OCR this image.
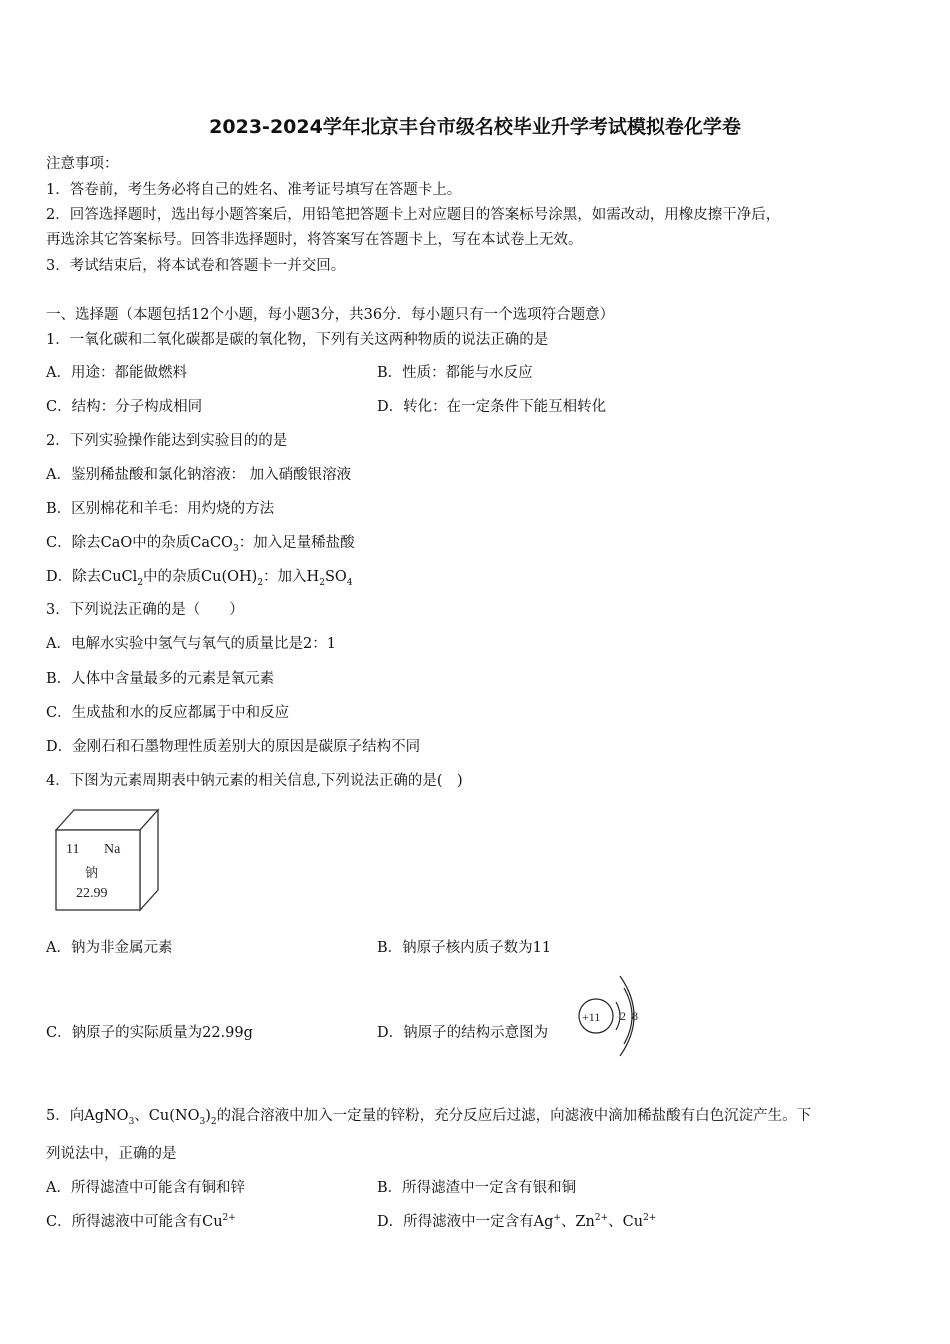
2023-2024学年北京丰台市级名校毕业升学考试模拟卷化学卷
注意事项：
1．答卷前，考生务必将自己的姓名、准考证号填写在答题卡上。
2．回答选择题时，选出每小题答案后，用铅笔把答题卡上对应题目的答案标号涂黑，如需改动，用橡皮擦干净后，
再选涂其它答案标号。回答非选择题时，将答案写在答题卡上，写在本试卷上无效。
3．考试结束后，将本试卷和答题卡一并交回。
一、选择题（本题包括12个小题，每小题3分，共36分．每小题只有一个选项符合题意）
1．一氧化碳和二氧化碳都是碳的氧化物，下列有关这两种物质的说法正确的是
A．用途：都能做燃料	B．性质：都能与水反应
C．结构：分子构成相同	D．转化：在一定条件下能互相转化
2．下列实验操作能达到实验目的的是
A．鉴别稀盐酸和氯化钠溶液： 加入硝酸银溶液
B．区别棉花和羊毛：用灼烧的方法
C．除去CaO中的杂质CaCO$_3$：加入足量稀盐酸
D．除去CuCl$_2$中的杂质$Cu(OH)_2$：加入$H_2SO_4$
3．下列说法正确的是（　　）
A．电解水实验中氢气与氧气的质量比是2：1
B．人体中含量最多的元素是氧元素
C．生成盐和水的反应都属于中和反应
D．金刚石和石墨物理性质差别大的原因是碳原子结构不同
4．下图为元素周期表中钠元素的相关信息,下列说法正确的是(　)
11 Na
钠
22.99
A．钠为非金属元素	B．钠原子核内质子数为11
C．钠原子的实际质量为22.99g	D．钠原子的结构示意图为
+11 2 8
5．向AgNO$_3$、$Cu(NO_3)_2$的混合溶液中加入一定量的锌粉，充分反应后过滤，向滤液中滴加稀盐酸有白色沉淀产生。下
列说法中，正确的是
A．所得滤渣中可能含有铜和锌	B．所得滤渣中一定含有银和铜
C．所得滤液中可能含有$Cu^{2+}$	D．所得滤液中一定含有Ag+、$Zn^{2+}$、$Cu^{2+}$
